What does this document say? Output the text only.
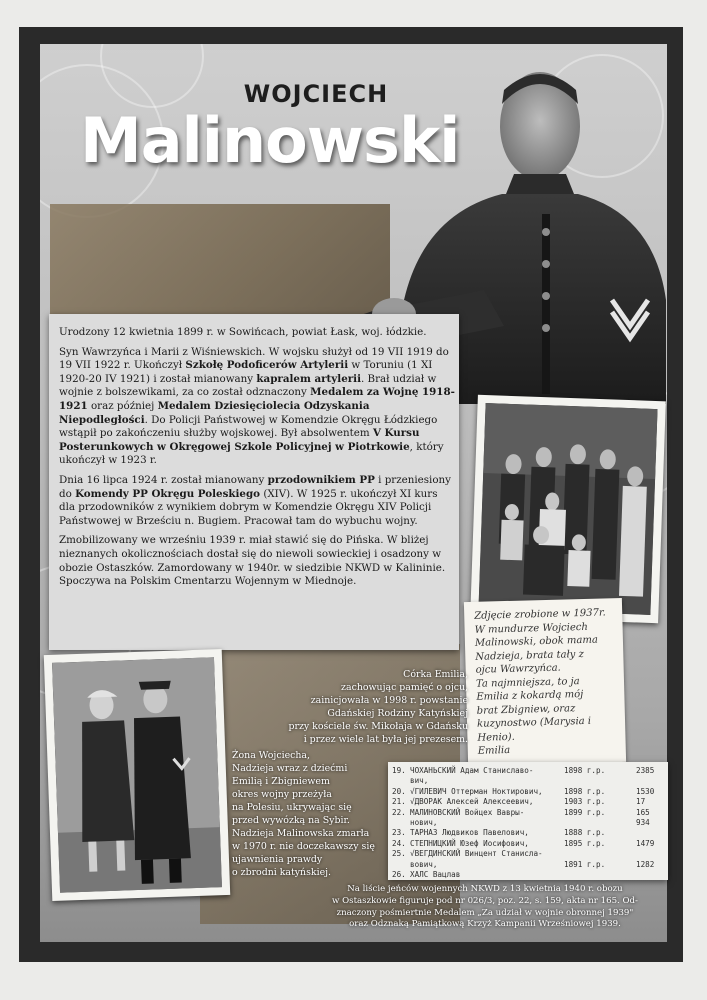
WOJCIECH
Malinowski

Urodzony 12 kwietnia 1899 r. w Sowińcach, powiat Łask, woj. łódzkie.

Syn Wawrzyńca i Marii z Wiśniewskich. W wojsku służył od 19 VII 1919 do 19 VII 1922 r. Ukończył Szkołę Podoficerów Artylerii w Toruniu (1 XI 1920-20 IV 1921) i został mianowany kapralem artylerii. Brał udział w wojnie z bolszewikami, za co został odznaczony Medalem za Wojnę 1918-1921 oraz później Medalem Dziesięciolecia Odzyskania Niepodległości. Do Policji Państwowej w Komendzie Okręgu Łódzkiego wstąpił po zakończeniu służby wojskowej. Był absolwentem V Kursu Posterunkowych w Okręgowej Szkole Policyjnej w Piotrkowie, który ukończył w 1923 r.

Dnia 16 lipca 1924 r. został mianowany przodownikiem PP i przeniesiony do Komendy PP Okręgu Poleskiego (XIV). W 1925 r. ukończył XI kurs dla przodowników z wynikiem dobrym w Komendzie Okręgu XIV Policji Państwowej w Brześciu n. Bugiem. Pracował tam do wybuchu wojny.

Zmobilizowany we wrześniu 1939 r. miał stawić się do Pińska. W bliżej nieznanych okolicznościach dostał się do niewoli sowieckiej i osadzony w obozie Ostaszków. Zamordowany w 1940r. w siedzibie NKWD w Kalininie. Spoczywa na Polskim Cmentarzu Wojennym w Miednoje.

Zdjęcie zrobione w 1937r.
W mundurze Wojciech
Malinowski, obok mama
Nadzieja, brata tały z
ojcu Wawrzyńca.
Ta najmniejsza, to ja
Emilia z kokardą mój
brat Zbigniew, oraz
kuzynostwo (Marysia i
Henio).
Emilia
Córka Emilia,
zachowując pamięć o ojcu,
zainicjowała w 1998 r. powstanie
Gdańskiej Rodziny Katyńskiej
przy kościele św. Mikołaja w Gdańsku
i przez wiele lat była jej prezesem.
Żona Wojciecha,
Nadzieja wraz z dziećmi
Emilią i Zbigniewem
okres wojny przeżyła
na Polesiu, ukrywając się
przed wywózką na Sybir.
Nadzieja Malinowska zmarła
w 1970 r. nie doczekawszy się
ujawnienia prawdy
o zbrodni katyńskiej.
19. ЧОХАНЬСКИЙ Адам Станиславо-	1898 г.р.	2385
вич,
20. √ГИЛЕВИЧ Оттерман Ноктирович,	1898 г.р.	1530
21. √ДВОРАК Алексей Алексеевич,	1903 г.р.	17
22. МАЛИНОВСКИЙ Войцех Вавры-	1899 г.р.	165
нович,	934
23. ТАРНАЗ Людвиков Павелович,	1888 г.р.
24. СТЕПНИЦКИЙ Юзеф Иосифович,	1895 г.р.	1479
25. √ВЕГДИНСКИЙ Винцент Станисла-
вович,	1891 г.р.	1282
26. ХАЛС Вацлав
Na liście jeńców wojennych NKWD z 13 kwietnia 1940 r. obozu
w Ostaszkowie figuruje pod nr 026/3, poz. 22, s. 159, akta nr 165. Od-
znaczony pośmiertnie Medalem „Za udział w wojnie obronnej 1939"
oraz Odznaką Pamiątkową Krzyż Kampanii Wrześniowej 1939.
